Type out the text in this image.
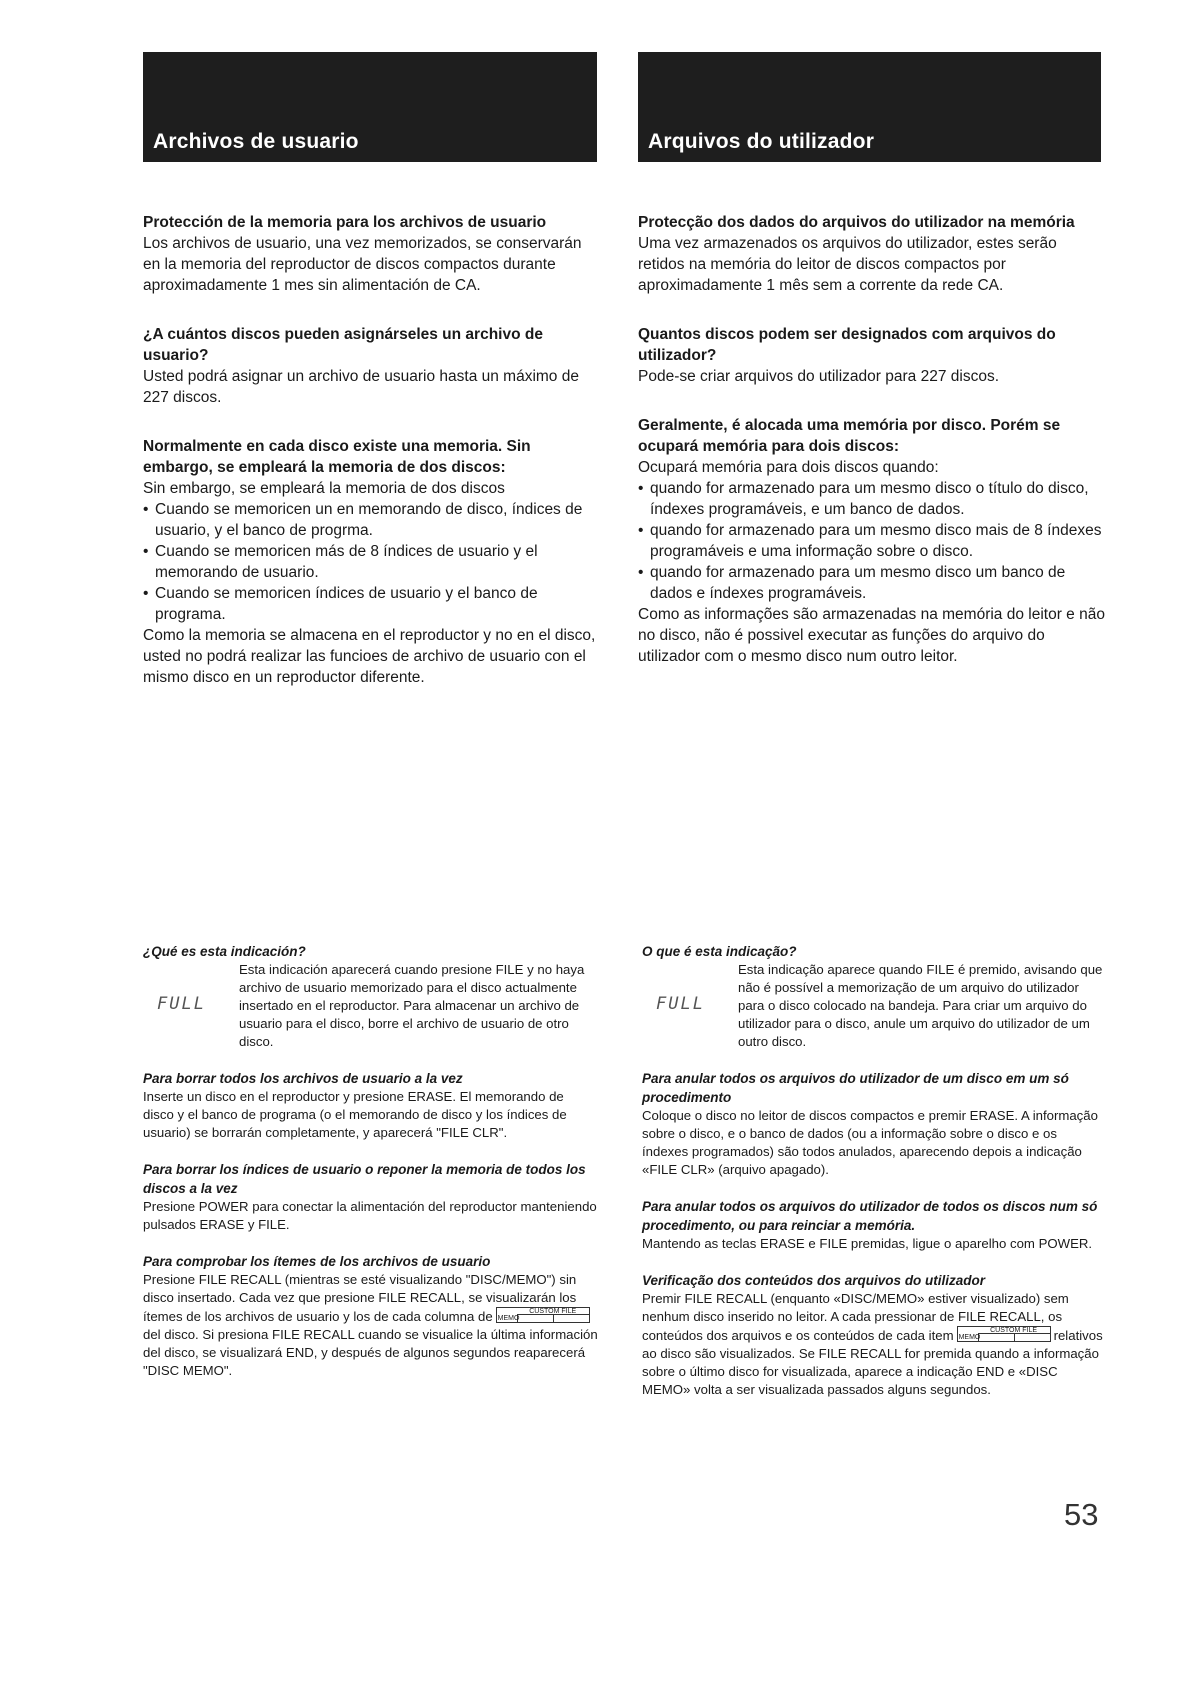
Archivos de usuario	Arquivos do utilizador
Protección de la memoria para los archivos de usuario

Los archivos de usuario, una vez memorizados, se conservarán en la memoria del reproductor de discos compactos durante aproximadamente 1 mes sin alimentación de CA.

¿A cuántos discos pueden asignárseles un archivo de usuario?

Usted podrá asignar un archivo de usuario hasta un máximo de 227 discos.

Normalmente en cada disco existe una memoria. Sin embargo, se empleará la memoria de dos discos:

Sin embargo, se empleará la memoria de dos discos

• Cuando se memoricen un en memorando de disco, índices de usuario, y el banco de progrma.
• Cuando se memoricen más de 8 índices de usuario y el memorando de usuario.
• Cuando se memoricen índices de usuario y el banco de programa.

Como la memoria se almacena en el reproductor y no en el disco, usted no podrá realizar las funcioes de archivo de usuario con el mismo disco en un reproductor diferente.

Protecção dos dados do arquivos do utilizador na memória

Uma vez armazenados os arquivos do utilizador, estes serão retidos na memória do leitor de discos compactos por aproximadamente 1 mês sem a corrente da rede CA.

Quantos discos podem ser designados com arquivos do utilizador?

Pode-se criar arquivos do utilizador para 227 discos.

Geralmente, é alocada uma memória por disco. Porém se ocupará memória para dois discos:

Ocupará memória para dois discos quando:

• quando for armazenado para um mesmo disco o título do disco, índexes programáveis, e um banco de dados.
• quando for armazenado para um mesmo disco mais de 8 índexes programáveis e uma informação sobre o disco.
• quando for armazenado para um mesmo disco um banco de dados e índexes programáveis.

Como as informações são armazenadas na memória do leitor e não no disco, não é possivel executar as funções do arquivo do utilizador com o mesmo disco num outro leitor.

¿Qué es esta indicación?
FULL
Esta indicación aparecerá cuando presione FILE y no haya archivo de usuario memorizado para el disco actualmente insertado en el reproductor. Para almacenar un archivo de usuario para el disco, borre el archivo de usuario de otro disco.
Para borrar todos los archivos de usuario a la vez

Inserte un disco en el reproductor y presione ERASE. El memorando de disco y el banco de programa (o el memorando de disco y los índices de usuario) se borrarán completamente, y aparecerá "FILE CLR".

Para borrar los índices de usuario o reponer la memoria de todos los discos a la vez

Presione POWER para conectar la alimentación del reproductor manteniendo pulsados ERASE y FILE.

Para comprobar los ítemes de los archivos de usuario

Presione FILE RECALL (mientras se esté visualizando "DISC/MEMO") sin disco insertado. Cada vez que presione FILE RECALL, se visualizarán los ítemes de los archivos de usuario y los de cada columna de	CUSTOM FILE
MEMO
del disco. Si presiona FILE RECALL cuando se visualice la última información del disco, se visualizará END, y después de algunos segundos reaparecerá "DISC MEMO".

O que é esta indicação?
FULL
Esta indicação aparece quando FILE é premido, avisando que não é possível a memorização de um arquivo do utilizador para o disco colocado na bandeja. Para criar um arquivo do utilizador para o disco, anule um arquivo do utilizador de um outro disco.
Para anular todos os arquivos do utilizador de um disco em um só procedimento

Coloque o disco no leitor de discos compactos e premir ERASE. A informação sobre o disco, e o banco de dados (ou a informação sobre o disco e os índexes programados) são todos anulados, aparecendo depois a indicação «FILE CLR» (arquivo apagado).

Para anular todos os arquivos do utilizador de todos os discos num só procedimento, ou para reinciar a memória.

Mantendo as teclas ERASE e FILE premidas, ligue o aparelho com POWER.

Verificação dos conteúdos dos arquivos do utilizador

Premir FILE RECALL (enquanto «DISC/MEMO» estiver visualizado) sem nenhum disco inserido no leitor. A cada pressionar de FILE RECALL, os conteúdos dos arquivos e os conteúdos de cada item	CUSTOM FILE
MEMO	relativos ao disco são visualizados. Se FILE RECALL for premida quando a informação sobre o último disco for visualizada, aparece a indicação END e «DISC MEMO» volta a ser visualizada passados alguns segundos.

53
